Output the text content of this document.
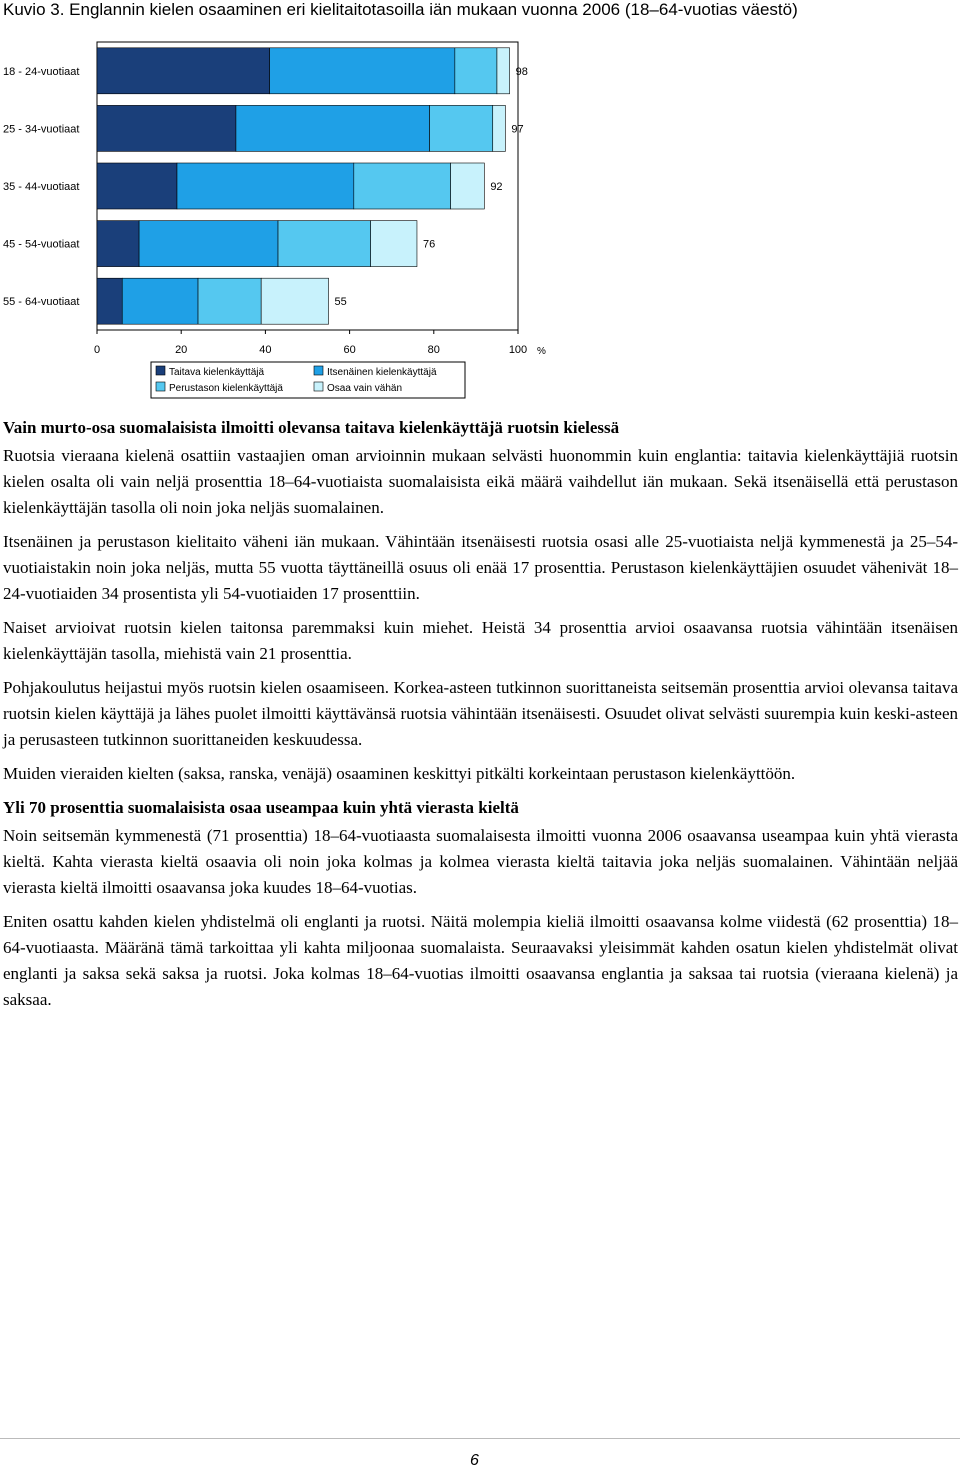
Kuvio 3. Englannin kielen osaaminen eri kielitaitotasoilla iän mukaan vuonna 2006 (18–64-vuotias väestö)
18 - 24-vuotiaat	98
25 - 34-vuotiaat	97
35 - 44-vuotiaat	92
45 - 54-vuotiaat	76
55 - 64-vuotiaat	55
0	20	40	60	80	100 %
Taitava kielenkäyttäjä	Itsenäinen kielenkäyttäjä
Perustason kielenkäyttäjä	Osaa vain vähän
Vain murto-osa suomalaisista ilmoitti olevansa taitava kielenkäyttäjä ruotsin kielessä

Ruotsia vieraana kielenä osattiin vastaajien oman arvioinnin mukaan selvästi huonommin kuin englantia: taitavia kielenkäyttäjiä ruotsin kielen osalta oli vain neljä prosenttia 18–64-vuotiaista suomalaisista eikä määrä vaihdellut iän mukaan. Sekä itsenäisellä että perustason kielenkäyttäjän tasolla oli noin joka neljäs suomalainen.

Itsenäinen ja perustason kielitaito väheni iän mukaan. Vähintään itsenäisesti ruotsia osasi alle 25-vuotiaista neljä kymmenestä ja 25–54-vuotiaistakin noin joka neljäs, mutta 55 vuotta täyttäneillä osuus oli enää 17 prosenttia. Perustason kielenkäyttäjien osuudet vähenivät 18–24-vuotiaiden 34 prosentista yli 54-vuotiaiden 17 prosenttiin.

Naiset arvioivat ruotsin kielen taitonsa paremmaksi kuin miehet. Heistä 34 prosenttia arvioi osaavansa ruotsia vähintään itsenäisen kielenkäyttäjän tasolla, miehistä vain 21 prosenttia.

Pohjakoulutus heijastui myös ruotsin kielen osaamiseen. Korkea-asteen tutkinnon suorittaneista seitsemän prosenttia arvioi olevansa taitava ruotsin kielen käyttäjä ja lähes puolet ilmoitti käyttävänsä ruotsia vähintään itsenäisesti. Osuudet olivat selvästi suurempia kuin keski-asteen ja perusasteen tutkinnon suorittaneiden keskuudessa.

Muiden vieraiden kielten (saksa, ranska, venäjä) osaaminen keskittyi pitkälti korkeintaan perustason kielenkäyttöön.

Yli 70 prosenttia suomalaisista osaa useampaa kuin yhtä vierasta kieltä

Noin seitsemän kymmenestä (71 prosenttia) 18–64-vuotiaasta suomalaisesta ilmoitti vuonna 2006 osaavansa useampaa kuin yhtä vierasta kieltä. Kahta vierasta kieltä osaavia oli noin joka kolmas ja kolmea vierasta kieltä taitavia joka neljäs suomalainen. Vähintään neljää vierasta kieltä ilmoitti osaavansa joka kuudes 18–64-vuotias.

Eniten osattu kahden kielen yhdistelmä oli englanti ja ruotsi. Näitä molempia kieliä ilmoitti osaavansa kolme viidestä (62 prosenttia) 18–64-vuotiaasta. Määränä tämä tarkoittaa yli kahta miljoonaa suomalaista. Seuraavaksi yleisimmät kahden osatun kielen yhdistelmät olivat englanti ja saksa sekä saksa ja ruotsi. Joka kolmas 18–64-vuotias ilmoitti osaavansa englantia ja saksaa tai ruotsia (vieraana kielenä) ja saksaa.

6
